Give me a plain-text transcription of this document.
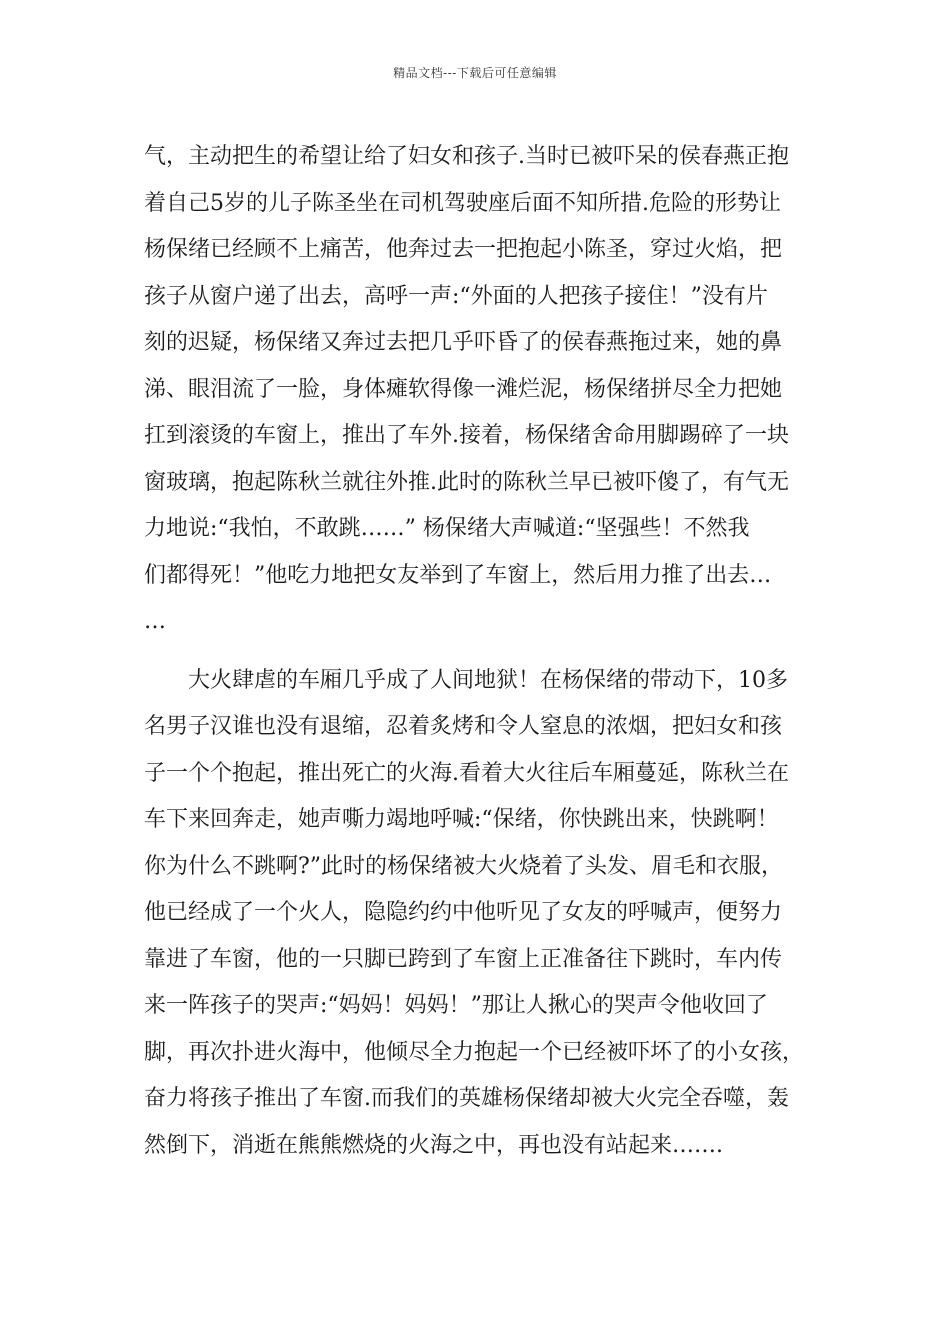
精品文档---下载后可任意编辑

气，主动把生的希望让给了妇女和孩子.当时已被吓呆的侯春燕正抱
着自己5岁的儿子陈圣坐在司机驾驶座后面不知所措.危险的形势让
杨保绪已经顾不上痛苦，他奔过去一把抱起小陈圣，穿过火焰，把
孩子从窗户递了出去，高呼一声:“外面的人把孩子接住！”没有片
刻的迟疑，杨保绪又奔过去把几乎吓昏了的侯春燕拖过来，她的鼻
涕、眼泪流了一脸，身体瘫软得像一滩烂泥，杨保绪拼尽全力把她
扛到滚烫的车窗上，推出了车外.接着，杨保绪舍命用脚踢碎了一块
窗玻璃，抱起陈秋兰就往外推.此时的陈秋兰早已被吓傻了，有气无
力地说:“我怕，不敢跳……” 杨保绪大声喊道:“坚强些！不然我
们都得死！”他吃力地把女友举到了车窗上，然后用力推了出去…
…

　　大火肆虐的车厢几乎成了人间地狱！在杨保绪的带动下，10多
名男子汉谁也没有退缩，忍着炙烤和令人窒息的浓烟，把妇女和孩
子一个个抱起，推出死亡的火海.看着大火往后车厢蔓延，陈秋兰在
车下来回奔走，她声嘶力竭地呼喊:“保绪，你快跳出来，快跳啊！
你为什么不跳啊?”此时的杨保绪被大火烧着了头发、眉毛和衣服，
他已经成了一个火人，隐隐约约中他听见了女友的呼喊声，便努力
靠进了车窗，他的一只脚已跨到了车窗上正准备往下跳时，车内传
来一阵孩子的哭声:“妈妈！妈妈！”那让人揪心的哭声令他收回了
脚，再次扑进火海中，他倾尽全力抱起一个已经被吓坏了的小女孩，
奋力将孩子推出了车窗.而我们的英雄杨保绪却被大火完全吞噬，轰
然倒下，消逝在熊熊燃烧的火海之中，再也没有站起来…….
